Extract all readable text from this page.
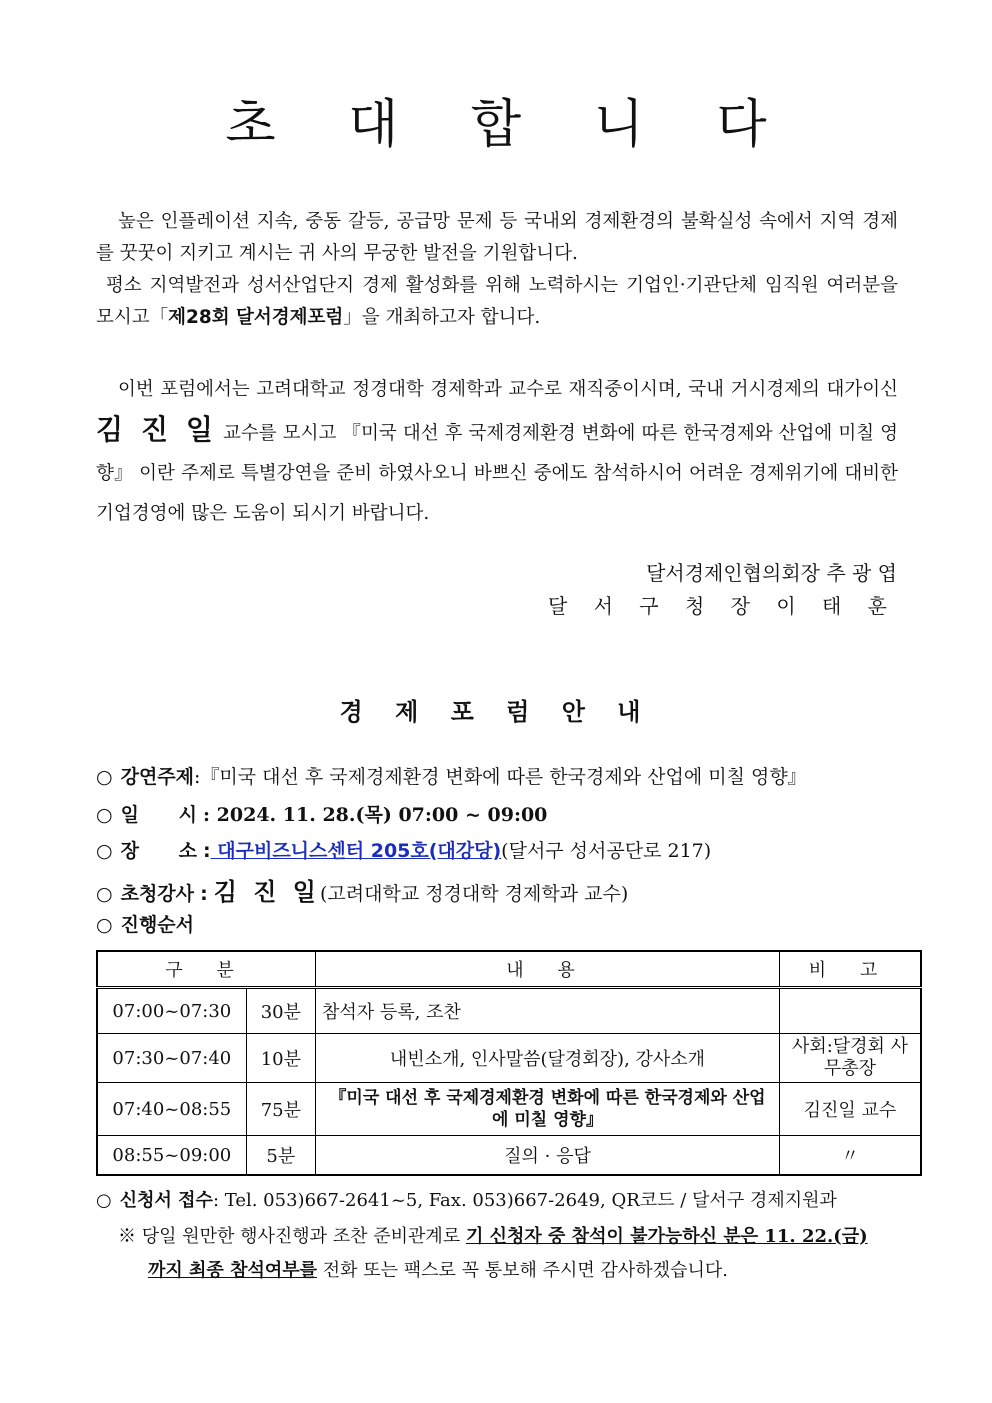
초 대 합 니 다
높은 인플레이션 지속, 중동 갈등, 공급망 문제 등 국내외 경제환경의 불확실성 속에서 지역 경제를 꿋꿋이 지키고 계시는 귀 사의 무궁한 발전을 기원합니다.
평소 지역발전과 성서산업단지 경제 활성화를 위해 노력하시는 기업인·기관단체 임직원 여러분을 모시고「제28회 달서경제포럼」을 개최하고자 합니다.
이번 포럼에서는 고려대학교 정경대학 경제학과 교수로 재직중이시며, 국내 거시경제의 대가이신 김 진 일 교수를 모시고 『미국 대선 후 국제경제환경 변화에 따른 한국경제와 산업에 미칠 영향』 이란 주제로 특별강연을 준비 하였사오니 바쁘신 중에도 참석하시어 어려운 경제위기에 대비한 기업경영에 많은 도움이 되시기 바랍니다.
달서경제인협의회장 추 광 엽
달 서 구 청 장 이 태 훈
경 제 포 럼 안 내
○ 강연주제:『미국 대선 후 국제경제환경 변화에 따른 한국경제와 산업에 미칠 영향』
○ 일      시 : 2024. 11. 28.(목) 07:00 ~ 09:00
○ 장      소 : 대구비즈니스센터 205호(대강당)(달서구 성서공단로 217)
○ 초청강사 : 김 진 일(고려대학교 정경대학 경제학과 교수)
○ 진행순서
구 분		내 용	비 고
07:00~07:30	30분	참석자 등록, 조찬	
07:30~07:40	10분	내빈소개, 인사말씀(달경회장), 강사소개	사회:달경회 사무총장
07:40~08:55	75분	『미국 대선 후 국제경제환경 변화에 따른 한국경제와 산업에 미칠 영향』	김진일 교수
08:55~09:00	5분	질의 · 응답	〃
○ 신청서 접수: Tel. 053)667-2641~5, Fax. 053)667-2649, QR코드 / 달서구 경제지원과
※ 당일 원만한 행사진행과 조찬 준비관계로 기 신청자 중 참석이 불가능하신 분은 11. 22.(금)
까지 최종 참석여부를 전화 또는 팩스로 꼭 통보해 주시면 감사하겠습니다.
